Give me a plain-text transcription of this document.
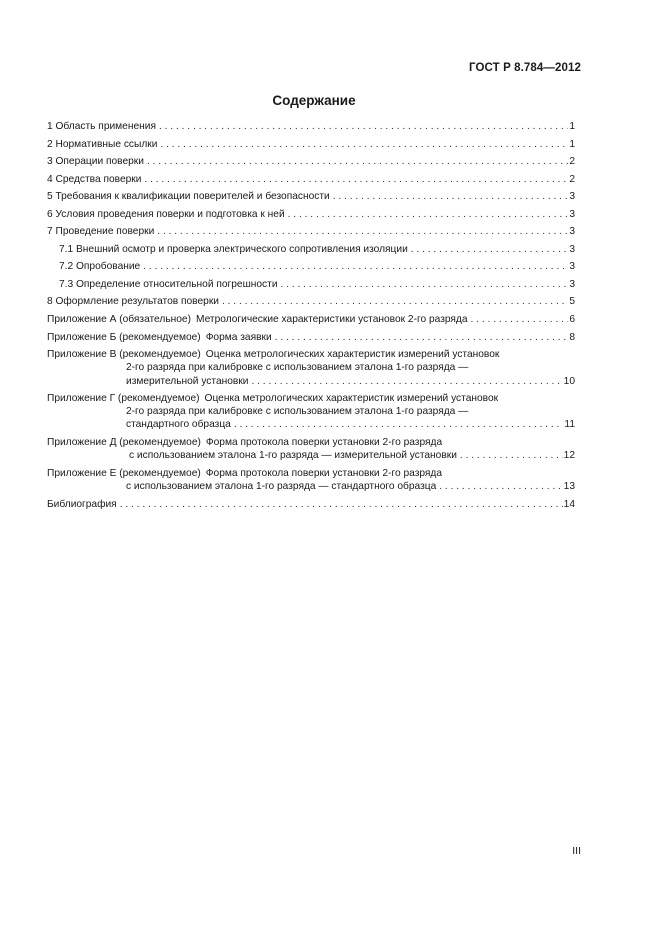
ГОСТ Р 8.784—2012
Содержание
1 Область применения . . .	1
2 Нормативные ссылки . . .	1
3 Операции поверки . . .	2
4 Средства поверки . . .	2
5 Требования к квалификации поверителей и безопасности . . .	3
6 Условия проведения поверки и подготовка к ней . . .	3
7 Проведение поверки . . .	3
7.1 Внешний осмотр и проверка электрического сопротивления изоляции . . .	3
7.2 Опробование . . .	3
7.3 Определение относительной погрешности . . .	3
8 Оформление результатов поверки . . .	5
Приложение А (обязательное) Метрологические характеристики установок 2-го разряда . . .	6
Приложение Б (рекомендуемое) Форма заявки . . .	8
Приложение В (рекомендуемое) Оценка метрологических характеристик измерений установок
2-го разряда при калибровке с использованием эталона 1-го разряда —
измерительной установки . . .	10
Приложение Г (рекомендуемое) Оценка метрологических характеристик измерений установок
2-го разряда при калибровке с использованием эталона 1-го разряда —
стандартного образца . . .	11
Приложение Д (рекомендуемое) Форма протокола поверки установки 2-го разряда
с использованием эталона 1-го разряда — измерительной установки . . .	12
Приложение Е (рекомендуемое) Форма протокола поверки установки 2-го разряда
с использованием эталона 1-го разряда — стандартного образца . . .	13
Библиография . . .	14
III
